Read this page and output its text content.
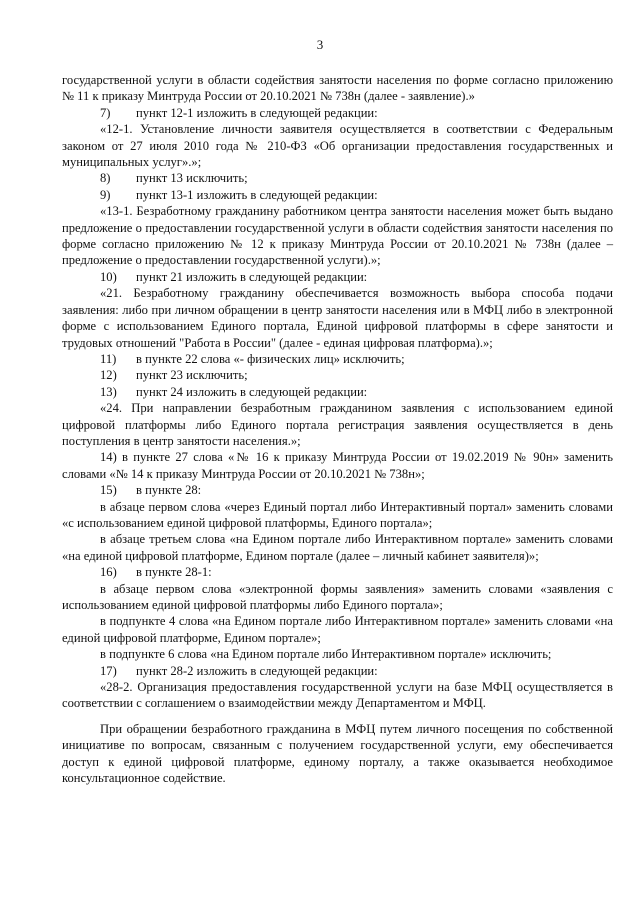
3

государственной услуги в области содействия занятости населения по форме согласно приложению № 11 к приказу Минтруда России от 20.10.2021 № 738н (далее - заявление).»

7) пункт 12-1 изложить в следующей редакции:

«12-1. Установление личности заявителя осуществляется в соответствии с Федеральным законом от 27 июля 2010 года № 210-ФЗ «Об организации предоставления государственных и муниципальных услуг».»;

8) пункт 13 исключить;

9) пункт 13-1 изложить в следующей редакции:

«13-1. Безработному гражданину работником центра занятости населения может быть выдано предложение о предоставлении государственной услуги в области содействия занятости населения по форме согласно приложению № 12 к приказу Минтруда России от 20.10.2021 № 738н (далее – предложение о предоставлении государственной услуги).»;

10) пункт 21 изложить в следующей редакции:

«21. Безработному гражданину обеспечивается возможность выбора способа подачи заявления: либо при личном обращении в центр занятости населения или в МФЦ либо в электронной форме с использованием Единого портала, Единой цифровой платформы в сфере занятости и трудовых отношений "Работа в России" (далее - единая цифровая платформа).»;

11) в пункте 22 слова «- физических лиц» исключить;

12) пункт 23 исключить;

13) пункт 24 изложить в следующей редакции:

«24. При направлении безработным гражданином заявления с использованием единой цифровой платформы либо Единого портала регистрация заявления осуществляется в день поступления в центр занятости населения.»;

14) в пункте 27 слова «№ 16 к приказу Минтруда России от 19.02.2019 № 90н» заменить словами «№ 14 к приказу Минтруда России от 20.10.2021 № 738н»;

15) в пункте 28:

в абзаце первом слова «через Единый портал либо Интерактивный портал» заменить словами «с использованием единой цифровой платформы, Единого портала»;

в абзаце третьем слова «на Едином портале либо Интерактивном портале» заменить словами «на единой цифровой платформе, Едином портале (далее – личный кабинет заявителя)»;

16) в пункте 28-1:

в абзаце первом слова «электронной формы заявления» заменить словами «заявления с использованием единой цифровой платформы либо Единого портала»;

в подпункте 4 слова «на Едином портале либо Интерактивном портале» заменить словами «на единой цифровой платформе, Едином портале»;

в подпункте 6 слова «на Едином портале либо Интерактивном портале» исключить;

17) пункт 28-2 изложить в следующей редакции:

«28-2. Организация предоставления государственной услуги на базе МФЦ осуществляется в соответствии с соглашением о взаимодействии между Департаментом и МФЦ.

При обращении безработного гражданина в МФЦ путем личного посещения по собственной инициативе по вопросам, связанным с получением государственной услуги, ему обеспечивается доступ к единой цифровой платформе, единому порталу, а также оказывается необходимое консультационное содействие.
